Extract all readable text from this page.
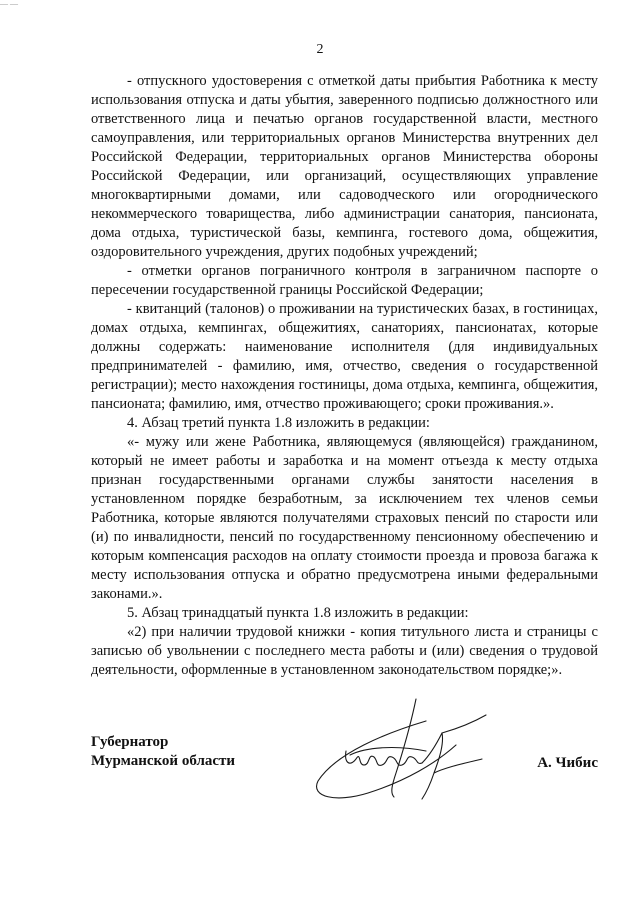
— —
2

- отпускного удостоверения с отметкой даты прибытия Работника к месту использования отпуска и даты убытия, заверенного подписью должностного или ответственного лица и печатью органов государственной власти, местного самоуправления, или территориальных органов Министерства внутренних дел Российской Федерации, территориальных органов Министерства обороны Российской Федерации, или организаций, осуществляющих управление многоквартирными домами, или садоводческого или огороднического некоммерческого товарищества, либо администрации санатория, пансионата, дома отдыха, туристической базы, кемпинга, гостевого дома, общежития, оздоровительного учреждения, других подобных учреждений;

- отметки органов пограничного контроля в заграничном паспорте о пересечении государственной границы Российской Федерации;

- квитанций (талонов) о проживании на туристических базах, в гостиницах, домах отдыха, кемпингах, общежитиях, санаториях, пансионатах, которые должны содержать: наименование исполнителя (для индивидуальных предпринимателей - фамилию, имя, отчество, сведения о государственной регистрации); место нахождения гостиницы, дома отдыха, кемпинга, общежития, пансионата; фамилию, имя, отчество проживающего; сроки проживания.».

4. Абзац третий пункта 1.8 изложить в редакции:

«- мужу или жене Работника, являющемуся (являющейся) гражданином, который не имеет работы и заработка и на момент отъезда к месту отдыха признан государственными органами службы занятости населения в установленном порядке безработным, за исключением тех членов семьи Работника, которые являются получателями страховых пенсий по старости или (и) по инвалидности, пенсий по государственному пенсионному обеспечению и которым компенсация расходов на оплату стоимости проезда и провоза багажа к месту использования отпуска и обратно предусмотрена иными федеральными законами.».

5. Абзац тринадцатый пункта 1.8 изложить в редакции:

«2) при наличии трудовой книжки - копия титульного листа и страницы с записью об увольнении с последнего места работы и (или) сведения о трудовой деятельности, оформленные в установленном законодательством порядке;».

Губернатор
Мурманской области	А. Чибис
